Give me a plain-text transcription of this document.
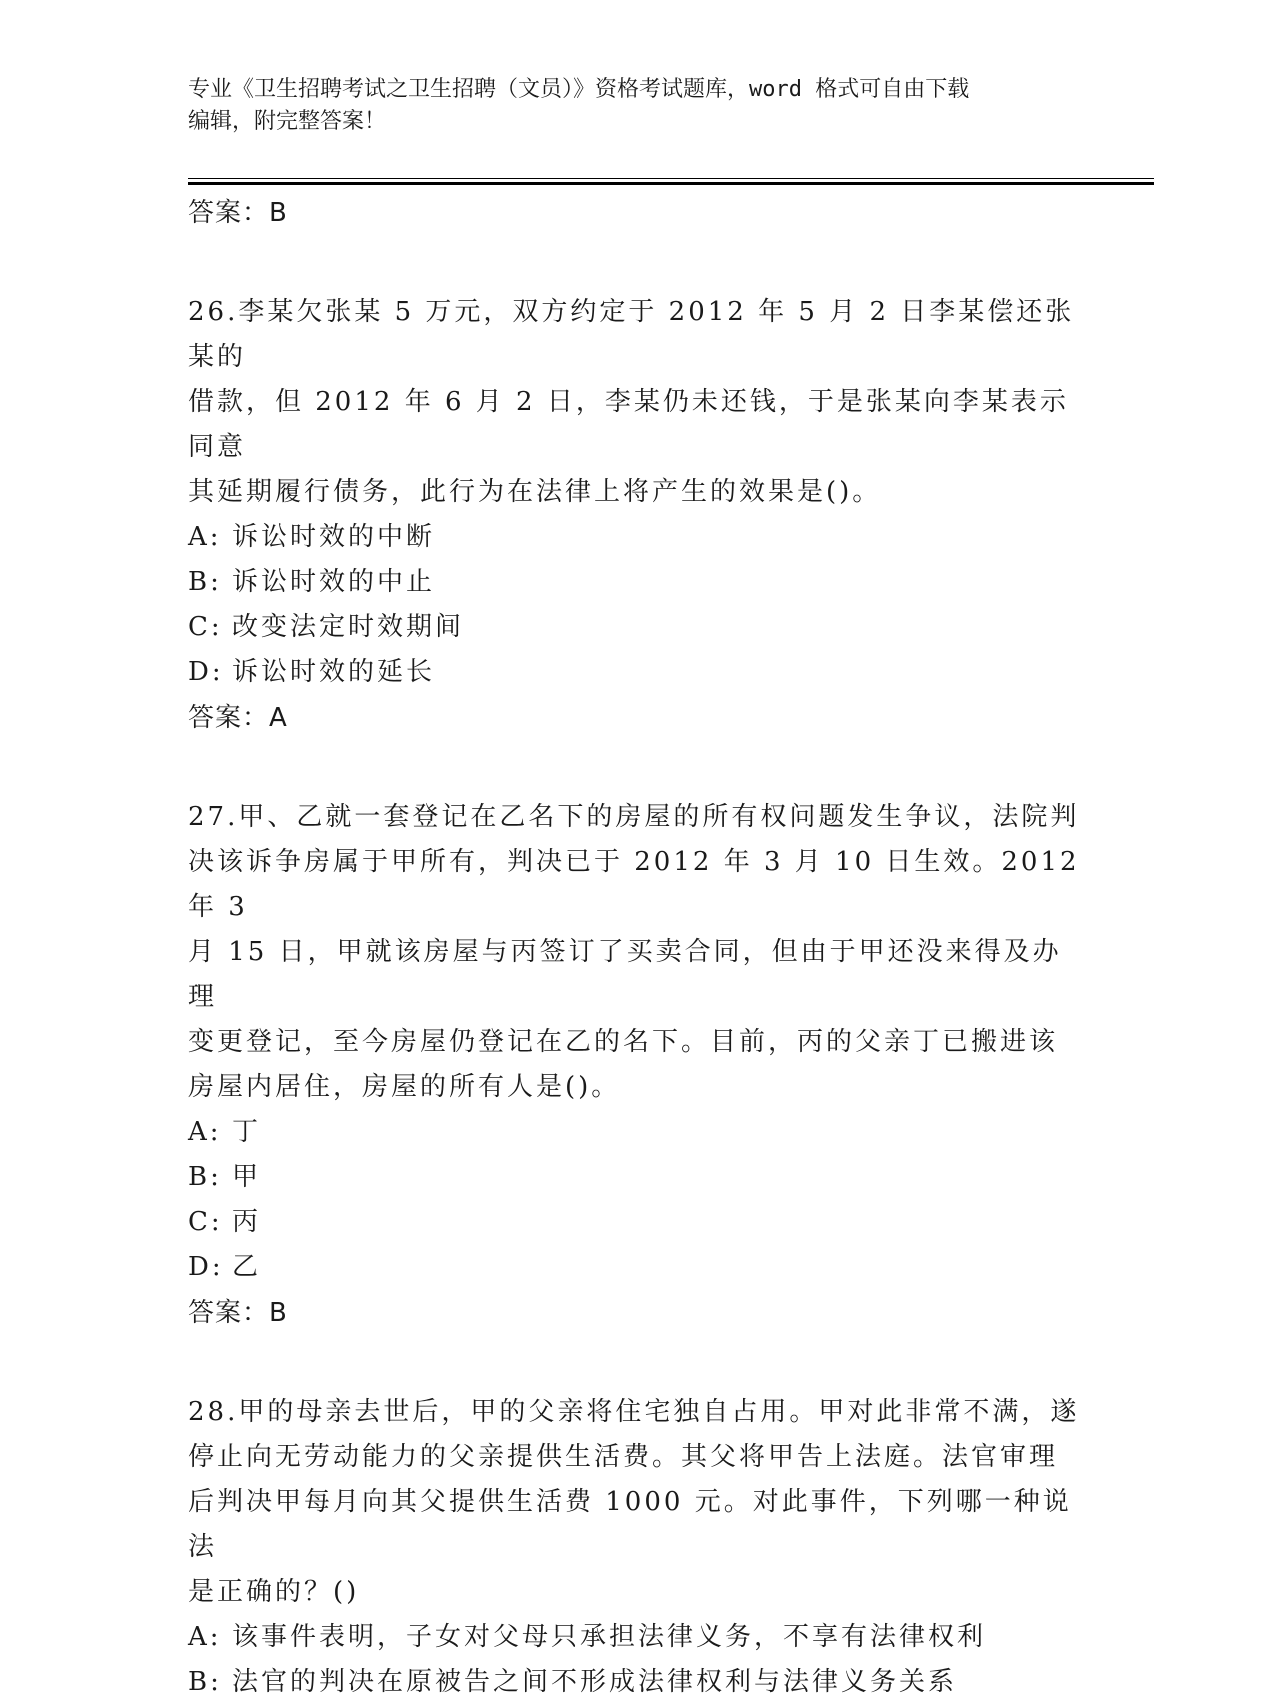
专业《卫生招聘考试之卫生招聘（文员）》资格考试题库，word 格式可自由下载
编辑，附完整答案！

答案：B

26.李某欠张某 5 万元，双方约定于 2012 年 5 月 2 日李某偿还张某的

借款，但 2012 年 6 月 2 日，李某仍未还钱，于是张某向李某表示同意

其延期履行债务，此行为在法律上将产生的效果是()。

A: 诉讼时效的中断

B: 诉讼时效的中止

C: 改变法定时效期间

D: 诉讼时效的延长

答案：A

27.甲、乙就一套登记在乙名下的房屋的所有权问题发生争议，法院判

决该诉争房属于甲所有，判决已于 2012 年 3 月 10 日生效。2012 年 3

月 15 日，甲就该房屋与丙签订了买卖合同，但由于甲还没来得及办理

变更登记，至今房屋仍登记在乙的名下。目前，丙的父亲丁已搬进该

房屋内居住，房屋的所有人是()。

A: 丁

B: 甲

C: 丙

D: 乙

答案：B

28.甲的母亲去世后，甲的父亲将住宅独自占用。甲对此非常不满，遂

停止向无劳动能力的父亲提供生活费。其父将甲告上法庭。法官审理

后判决甲每月向其父提供生活费 1000 元。对此事件，下列哪一种说法

是正确的？()

A: 该事件表明，子女对父母只承担法律义务，不享有法律权利

B: 法官的判决在原被告之间不形成法律权利与法律义务关系
